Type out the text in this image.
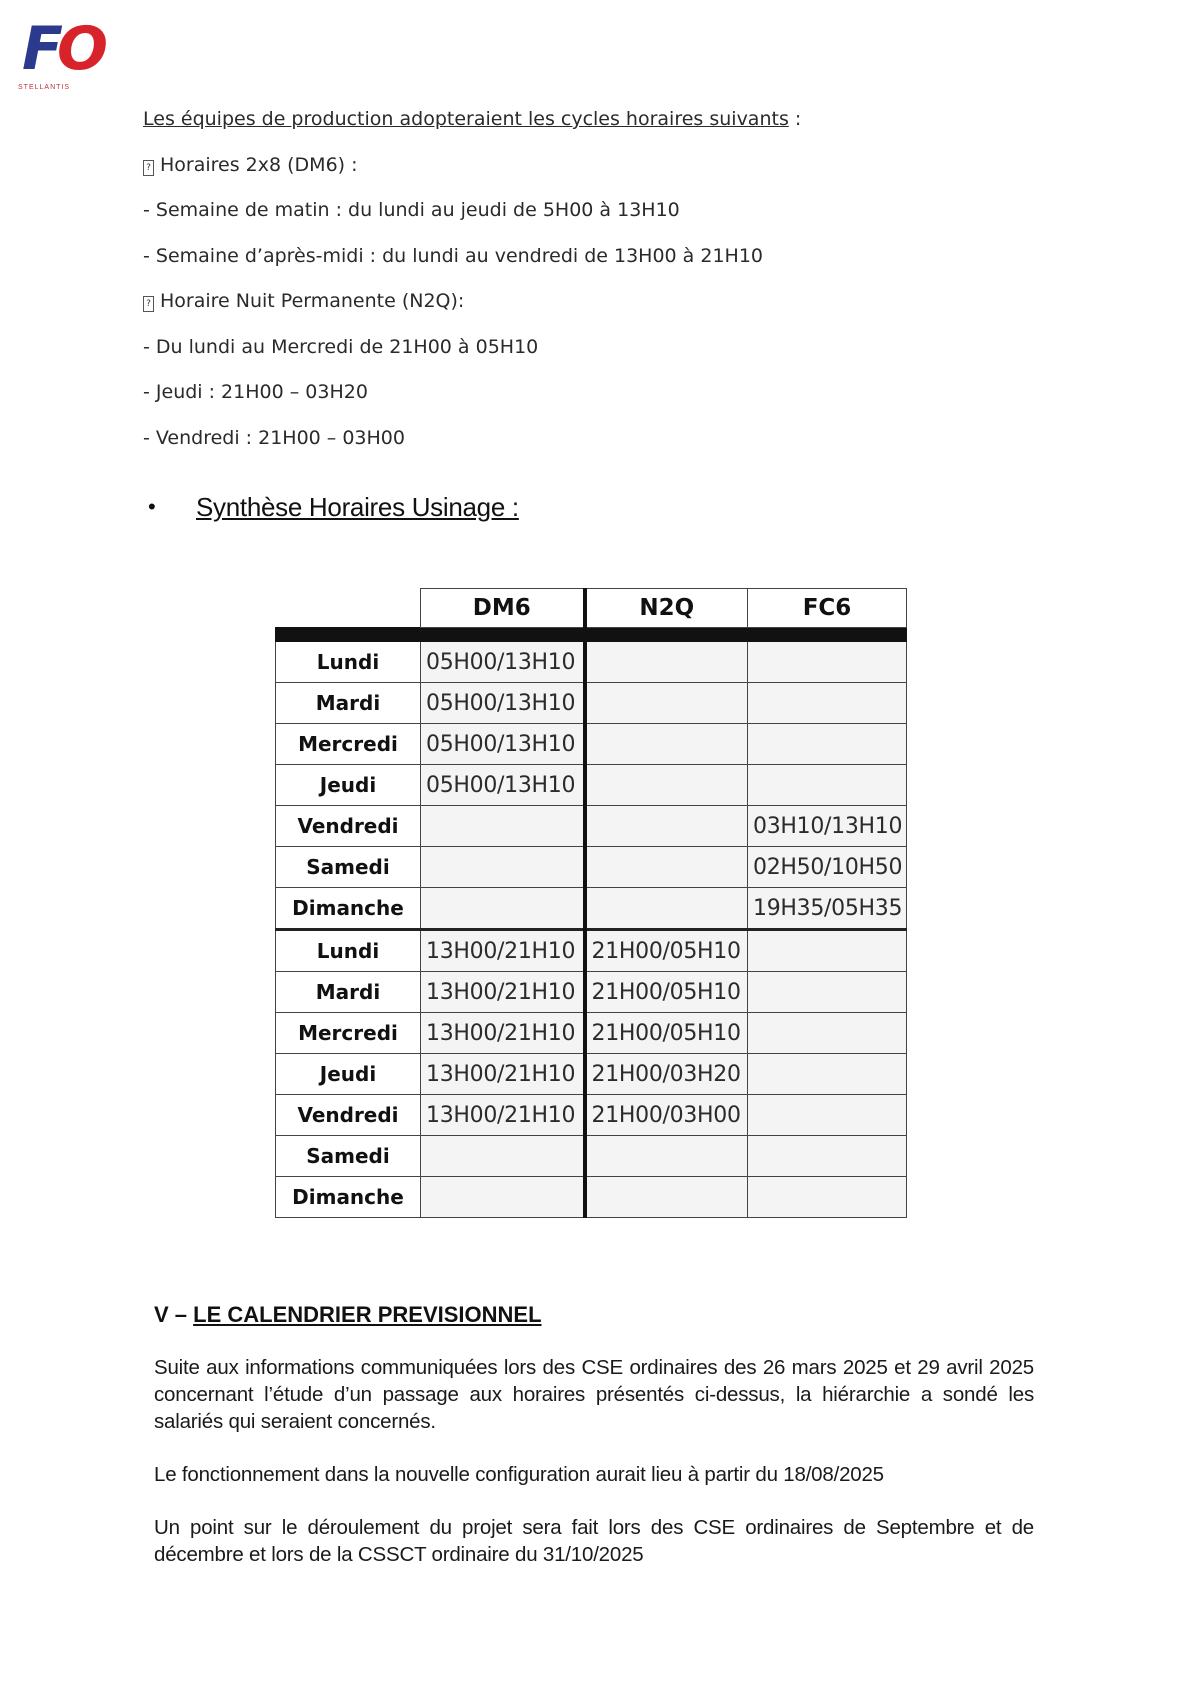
FO
STELLANTIS
Les équipes de production adopteraient les cycles horaires suivants :
? Horaires 2x8 (DM6) :
- Semaine de matin : du lundi au jeudi de 5H00 à 13H10
- Semaine d’après-midi : du lundi au vendredi de 13H00 à 21H10
? Horaire Nuit Permanente (N2Q):
- Du lundi au Mercredi de 21H00 à 05H10
- Jeudi : 21H00 – 03H20
- Vendredi : 21H00 – 03H00
• Synthèse Horaires Usinage :
	DM6	N2Q	FC6

Lundi	05H00/13H10		
Mardi	05H00/13H10		
Mercredi	05H00/13H10		
Jeudi	05H00/13H10		
Vendredi			03H10/13H10
Samedi			02H50/10H50
Dimanche			19H35/05H35
Lundi	13H00/21H10	21H00/05H10	
Mardi	13H00/21H10	21H00/05H10	
Mercredi	13H00/21H10	21H00/05H10	
Jeudi	13H00/21H10	21H00/03H20	
Vendredi	13H00/21H10	21H00/03H00	
Samedi			
Dimanche			
V – LE CALENDRIER PREVISIONNEL
Suite aux informations communiquées lors des CSE ordinaires des 26 mars 2025 et 29 avril 2025 concernant l’étude d’un passage aux horaires présentés ci-dessus, la hiérarchie a sondé les salariés qui seraient concernés.
Le fonctionnement dans la nouvelle configuration aurait lieu à partir du 18/08/2025
Un point sur le déroulement du projet sera fait lors des CSE ordinaires de Septembre et de décembre et lors de la CSSCT ordinaire du 31/10/2025
